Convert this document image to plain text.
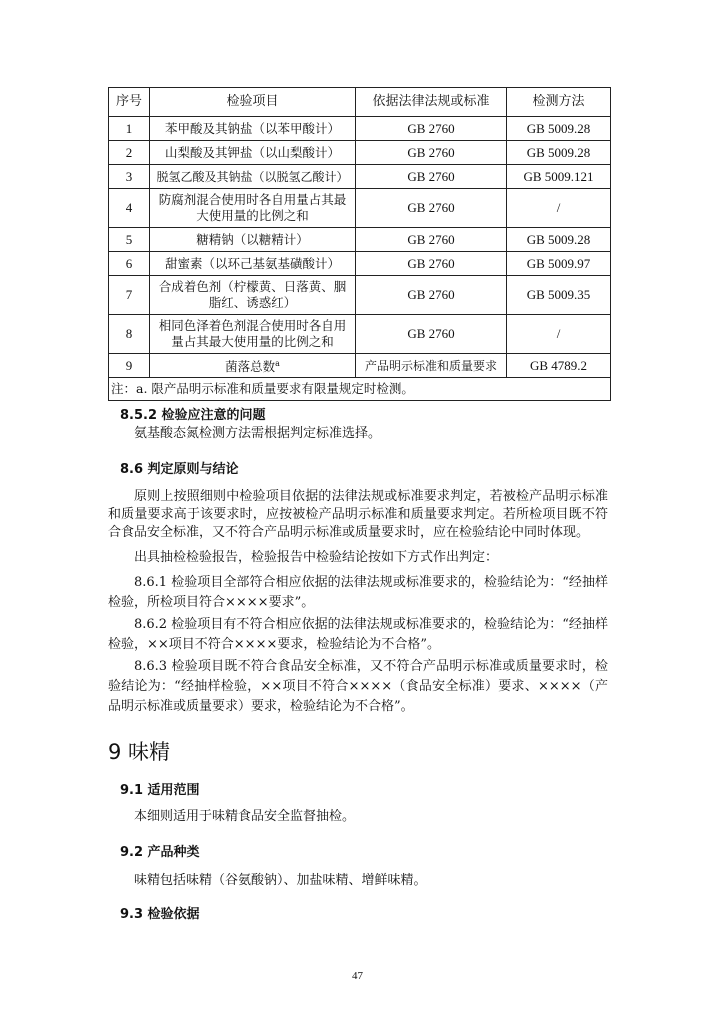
序号	检验项目	依据法律法规或标准	检测方法
1	苯甲酸及其钠盐（以苯甲酸计）	GB 2760	GB 5009.28
2	山梨酸及其钾盐（以山梨酸计）	GB 2760	GB 5009.28
3	脱氢乙酸及其钠盐（以脱氢乙酸计）	GB 2760	GB 5009.121
4	防腐剂混合使用时各自用量占其最大使用量的比例之和	GB 2760	/
5	糖精钠（以糖精计）	GB 2760	GB 5009.28
6	甜蜜素（以环己基氨基磺酸计）	GB 2760	GB 5009.97
7	合成着色剂（柠檬黄、日落黄、胭脂红、诱惑红）	GB 2760	GB 5009.35
8	相同色泽着色剂混合使用时各自用量占其最大使用量的比例之和	GB 2760	/
9	菌落总数$^a$	产品明示标准和质量要求	GB 4789.2
注：a. 限产品明示标准和质量要求有限量规定时检测。			
8.5.2 检验应注意的问题
氨基酸态氮检测方法需根据判定标准选择。
8.6 判定原则与结论
原则上按照细则中检验项目依据的法律法规或标准要求判定，若被检产品明示标准和质量要求高于该要求时，应按被检产品明示标准和质量要求判定。若所检项目既不符合食品安全标准，又不符合产品明示标准或质量要求时，应在检验结论中同时体现。
出具抽检检验报告，检验报告中检验结论按如下方式作出判定：
8.6.1 检验项目全部符合相应依据的法律法规或标准要求的，检验结论为：“经抽样检验，所检项目符合××××要求”。
8.6.2 检验项目有不符合相应依据的法律法规或标准要求的，检验结论为：“经抽样检验，××项目不符合××××要求，检验结论为不合格”。
8.6.3 检验项目既不符合食品安全标准，又不符合产品明示标准或质量要求时，检验结论为：“经抽样检验，××项目不符合××××（食品安全标准）要求、××××（产品明示标准或质量要求）要求，检验结论为不合格”。
9 味精
9.1 适用范围
本细则适用于味精食品安全监督抽检。
9.2 产品种类
味精包括味精（谷氨酸钠）、加盐味精、增鲜味精。
9.3 检验依据
47
